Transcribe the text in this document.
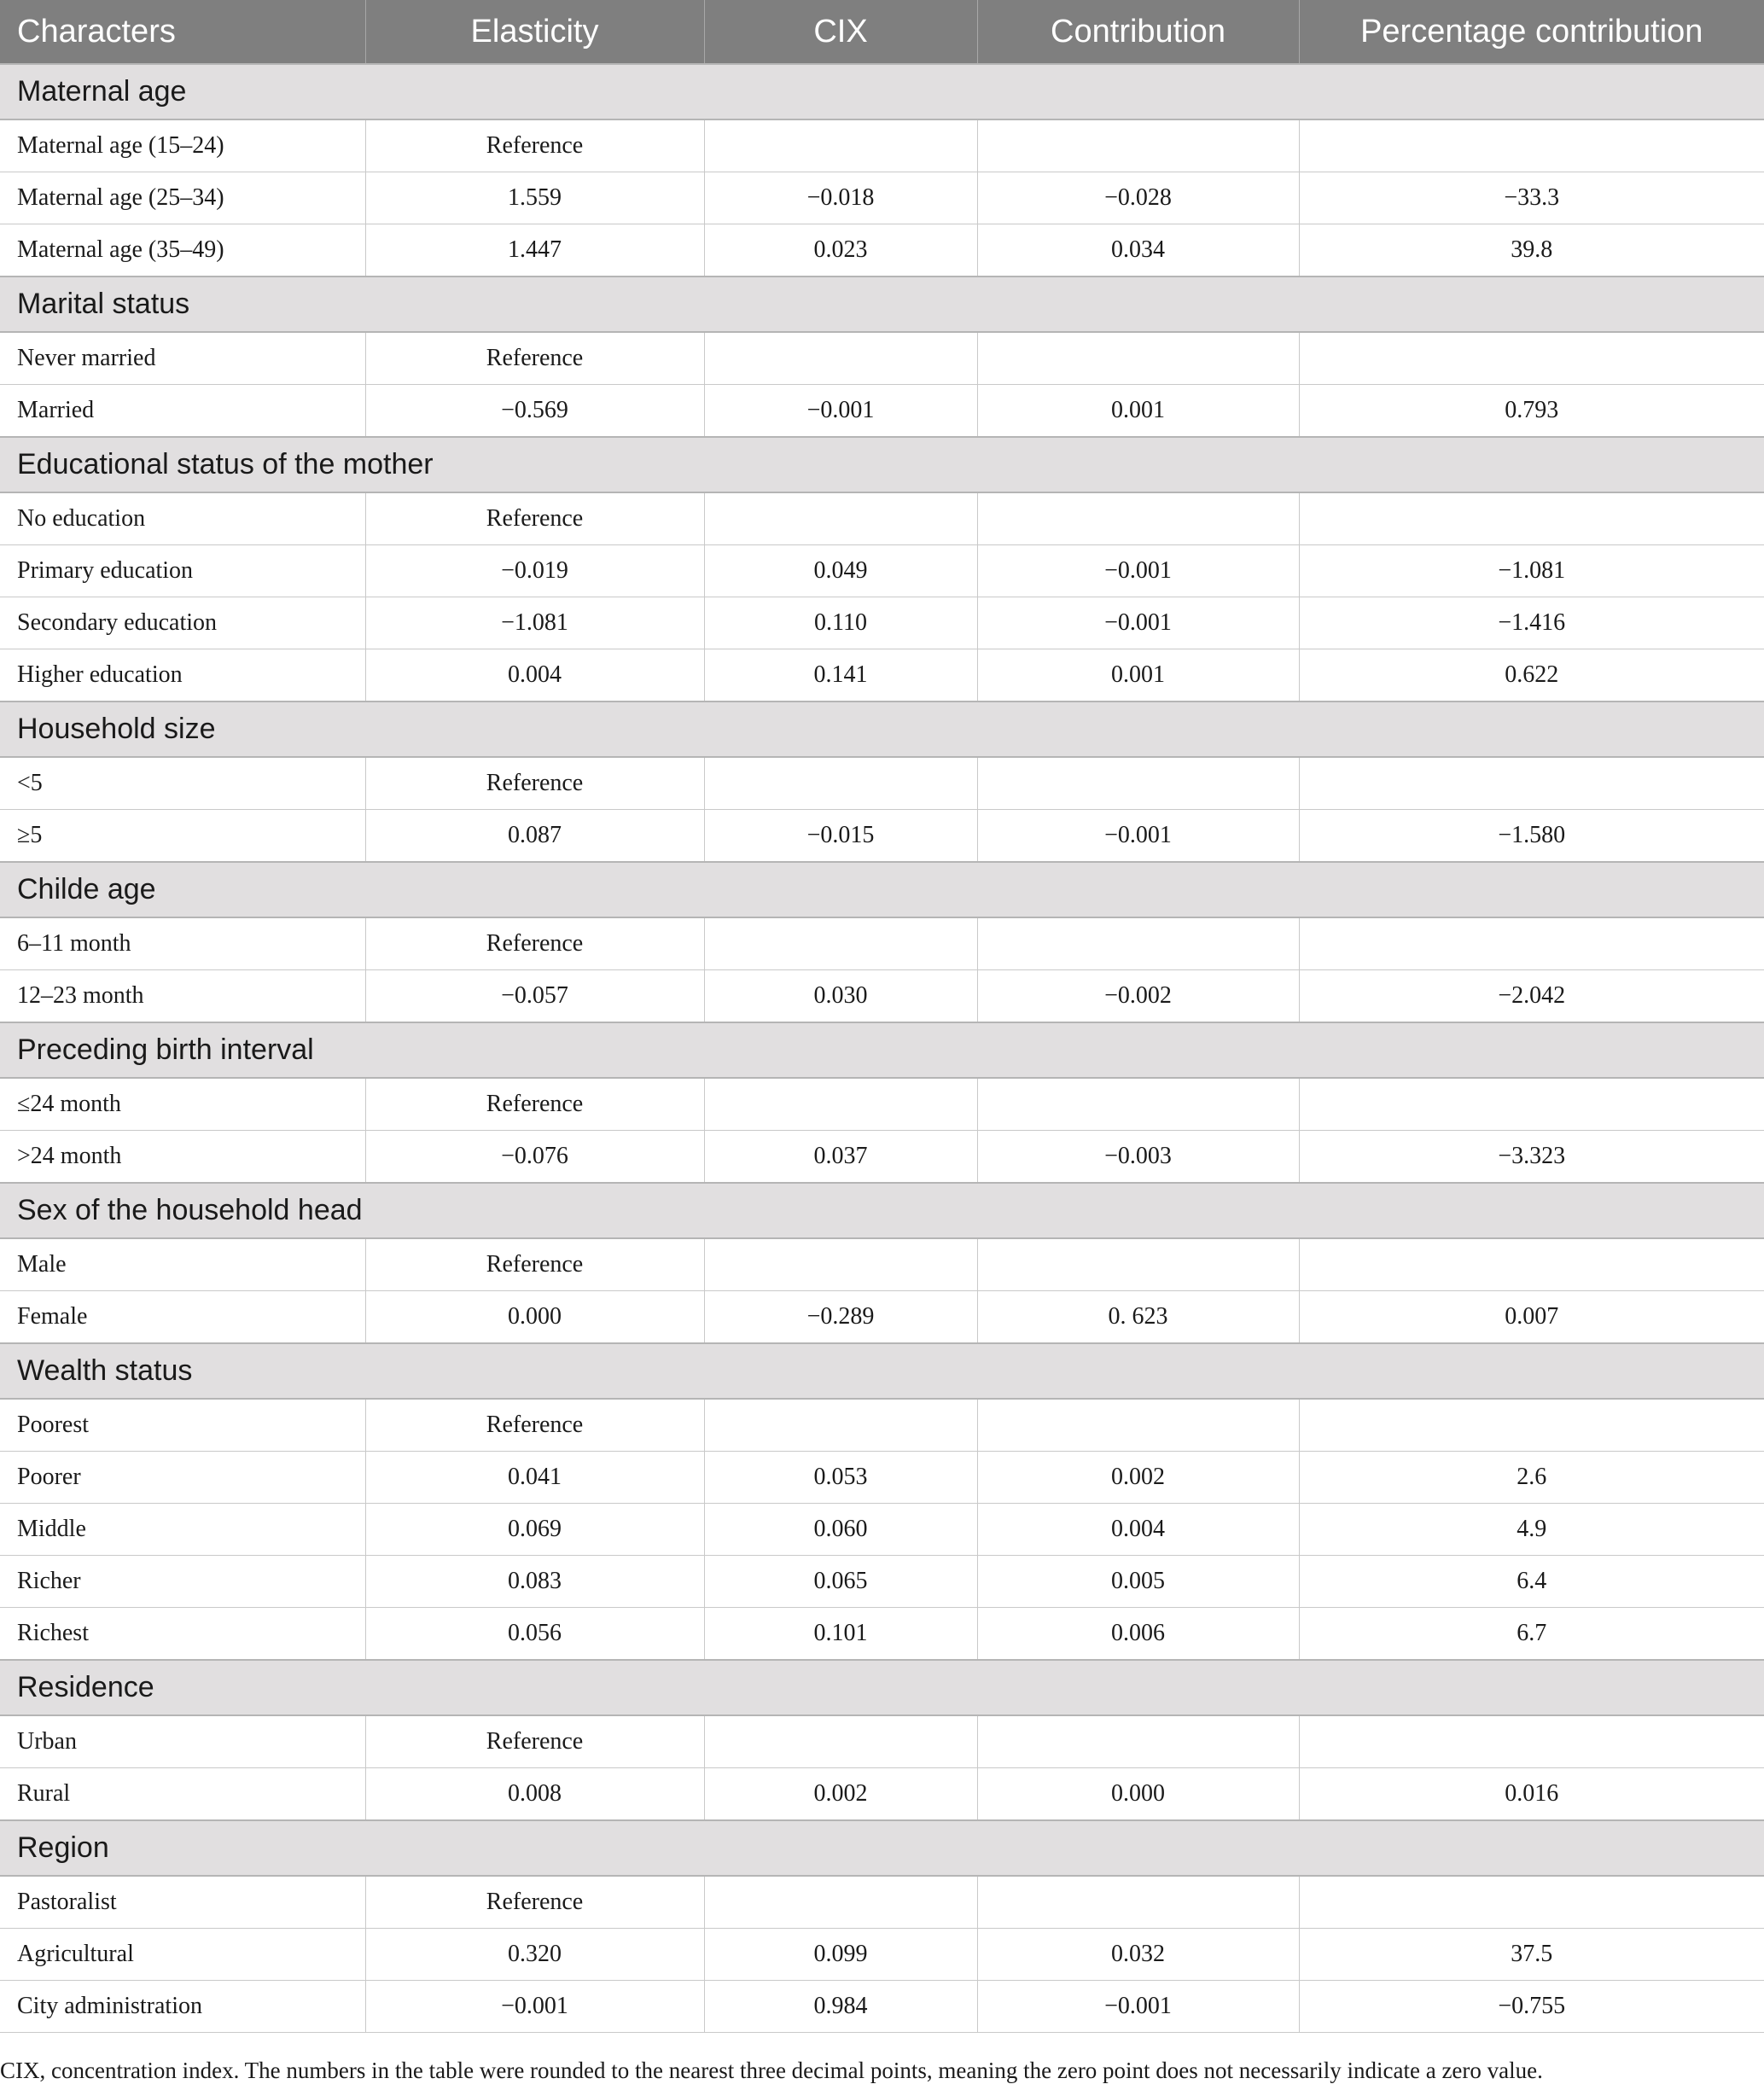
Characters	Elasticity	CIX	Contribution	Percentage contribution
Maternal age				
Maternal age (15–24)	Reference			
Maternal age (25–34)	1.559	−0.018	−0.028	−33.3
Maternal age (35–49)	1.447	0.023	0.034	39.8
Marital status				
Never married	Reference			
Married	−0.569	−0.001	0.001	0.793
Educational status of the mother				
No education	Reference			
Primary education	−0.019	0.049	−0.001	−1.081
Secondary education	−1.081	0.110	−0.001	−1.416
Higher education	0.004	0.141	0.001	0.622
Household size				
<5	Reference			
≥5	0.087	−0.015	−0.001	−1.580
Childe age				
6–11 month	Reference			
12–23 month	−0.057	0.030	−0.002	−2.042
Preceding birth interval				
≤24 month	Reference			
>24 month	−0.076	0.037	−0.003	−3.323
Sex of the household head				
Male	Reference			
Female	0.000	−0.289	0. 623	0.007
Wealth status				
Poorest	Reference			
Poorer	0.041	0.053	0.002	2.6
Middle	0.069	0.060	0.004	4.9
Richer	0.083	0.065	0.005	6.4
Richest	0.056	0.101	0.006	6.7
Residence				
Urban	Reference			
Rural	0.008	0.002	0.000	0.016
Region				
Pastoralist	Reference			
Agricultural	0.320	0.099	0.032	37.5
City administration	−0.001	0.984	−0.001	−0.755

CIX, concentration index. The numbers in the table were rounded to the nearest three decimal points, meaning the zero point does not necessarily indicate a zero value.
